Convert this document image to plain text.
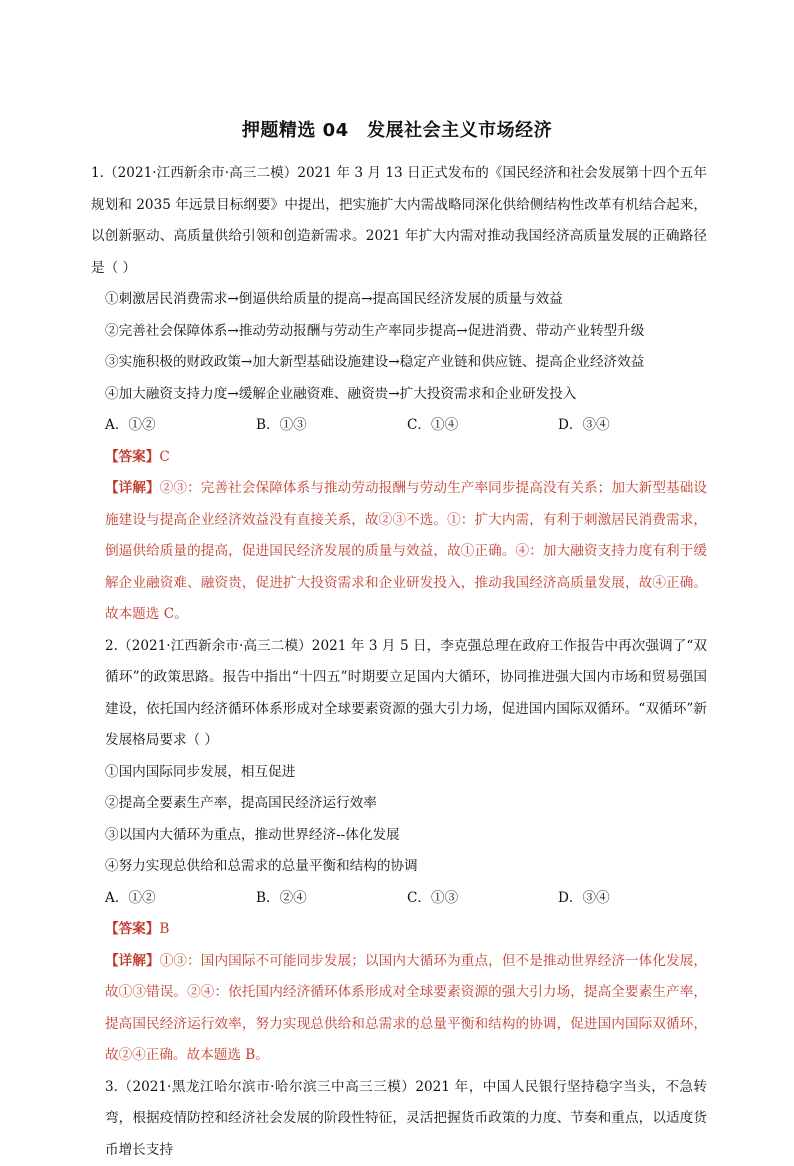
押题精选 04　发展社会主义市场经济

1.（2021·江西新余市·高三二模）2021 年 3 月 13 日正式发布的《国民经济和社会发展第十四个五年规划和 2035 年远景目标纲要》中提出，把实施扩大内需战略同深化供给侧结构性改革有机结合起来，以创新驱动、高质量供给引领和创造新需求。2021 年扩大内需对推动我国经济高质量发展的正确路径是（ ）

①刺激居民消费需求→倒逼供给质量的提高→提高国民经济发展的质量与效益

②完善社会保障体系→推动劳动报酬与劳动生产率同步提高→促进消费、带动产业转型升级

③实施积极的财政政策→加大新型基础设施建设→稳定产业链和供应链、提高企业经济效益

④加大融资支持力度→缓解企业融资难、融资贵→扩大投资需求和企业研发投入

A．①②	B．①③	C．①④	D．③④
【答案】C

【详解】②③：完善社会保障体系与推动劳动报酬与劳动生产率同步提高没有关系；加大新型基础设施建设与提高企业经济效益没有直接关系，故②③不选。①：扩大内需，有利于刺激居民消费需求，倒逼供给质量的提高，促进国民经济发展的质量与效益，故①正确。④：加大融资支持力度有利于缓解企业融资难、融资贵，促进扩大投资需求和企业研发投入，推动我国经济高质量发展，故④正确。故本题选 C。

2.（2021·江西新余市·高三二模）2021 年 3 月 5 日，李克强总理在政府工作报告中再次强调了“双循环”的政策思路。报告中指出“十四五”时期要立足国内大循环，协同推进强大国内市场和贸易强国建设，依托国内经济循环体系形成对全球要素资源的强大引力场，促进国内国际双循环。“双循环”新发展格局要求（ ）

①国内国际同步发展，相互促进

②提高全要素生产率，提高国民经济运行效率

③以国内大循环为重点，推动世界经济--体化发展

④努力实现总供给和总需求的总量平衡和结构的协调

A．①②	B．②④	C．①③	D．③④
【答案】B

【详解】①③：国内国际不可能同步发展；以国内大循环为重点，但不是推动世界经济一体化发展，故①③错误。②④：依托国内经济循环体系形成对全球要素资源的强大引力场，提高全要素生产率，提高国民经济运行效率，努力实现总供给和总需求的总量平衡和结构的协调，促进国内国际双循环，故②④正确。故本题选 B。

3.（2021·黑龙江哈尔滨市·哈尔滨三中高三三模）2021 年，中国人民银行坚持稳字当头，不急转弯，根据疫情防控和经济社会发展的阶段性特征，灵活把握货币政策的力度、节奏和重点，以适度货币增长支持
